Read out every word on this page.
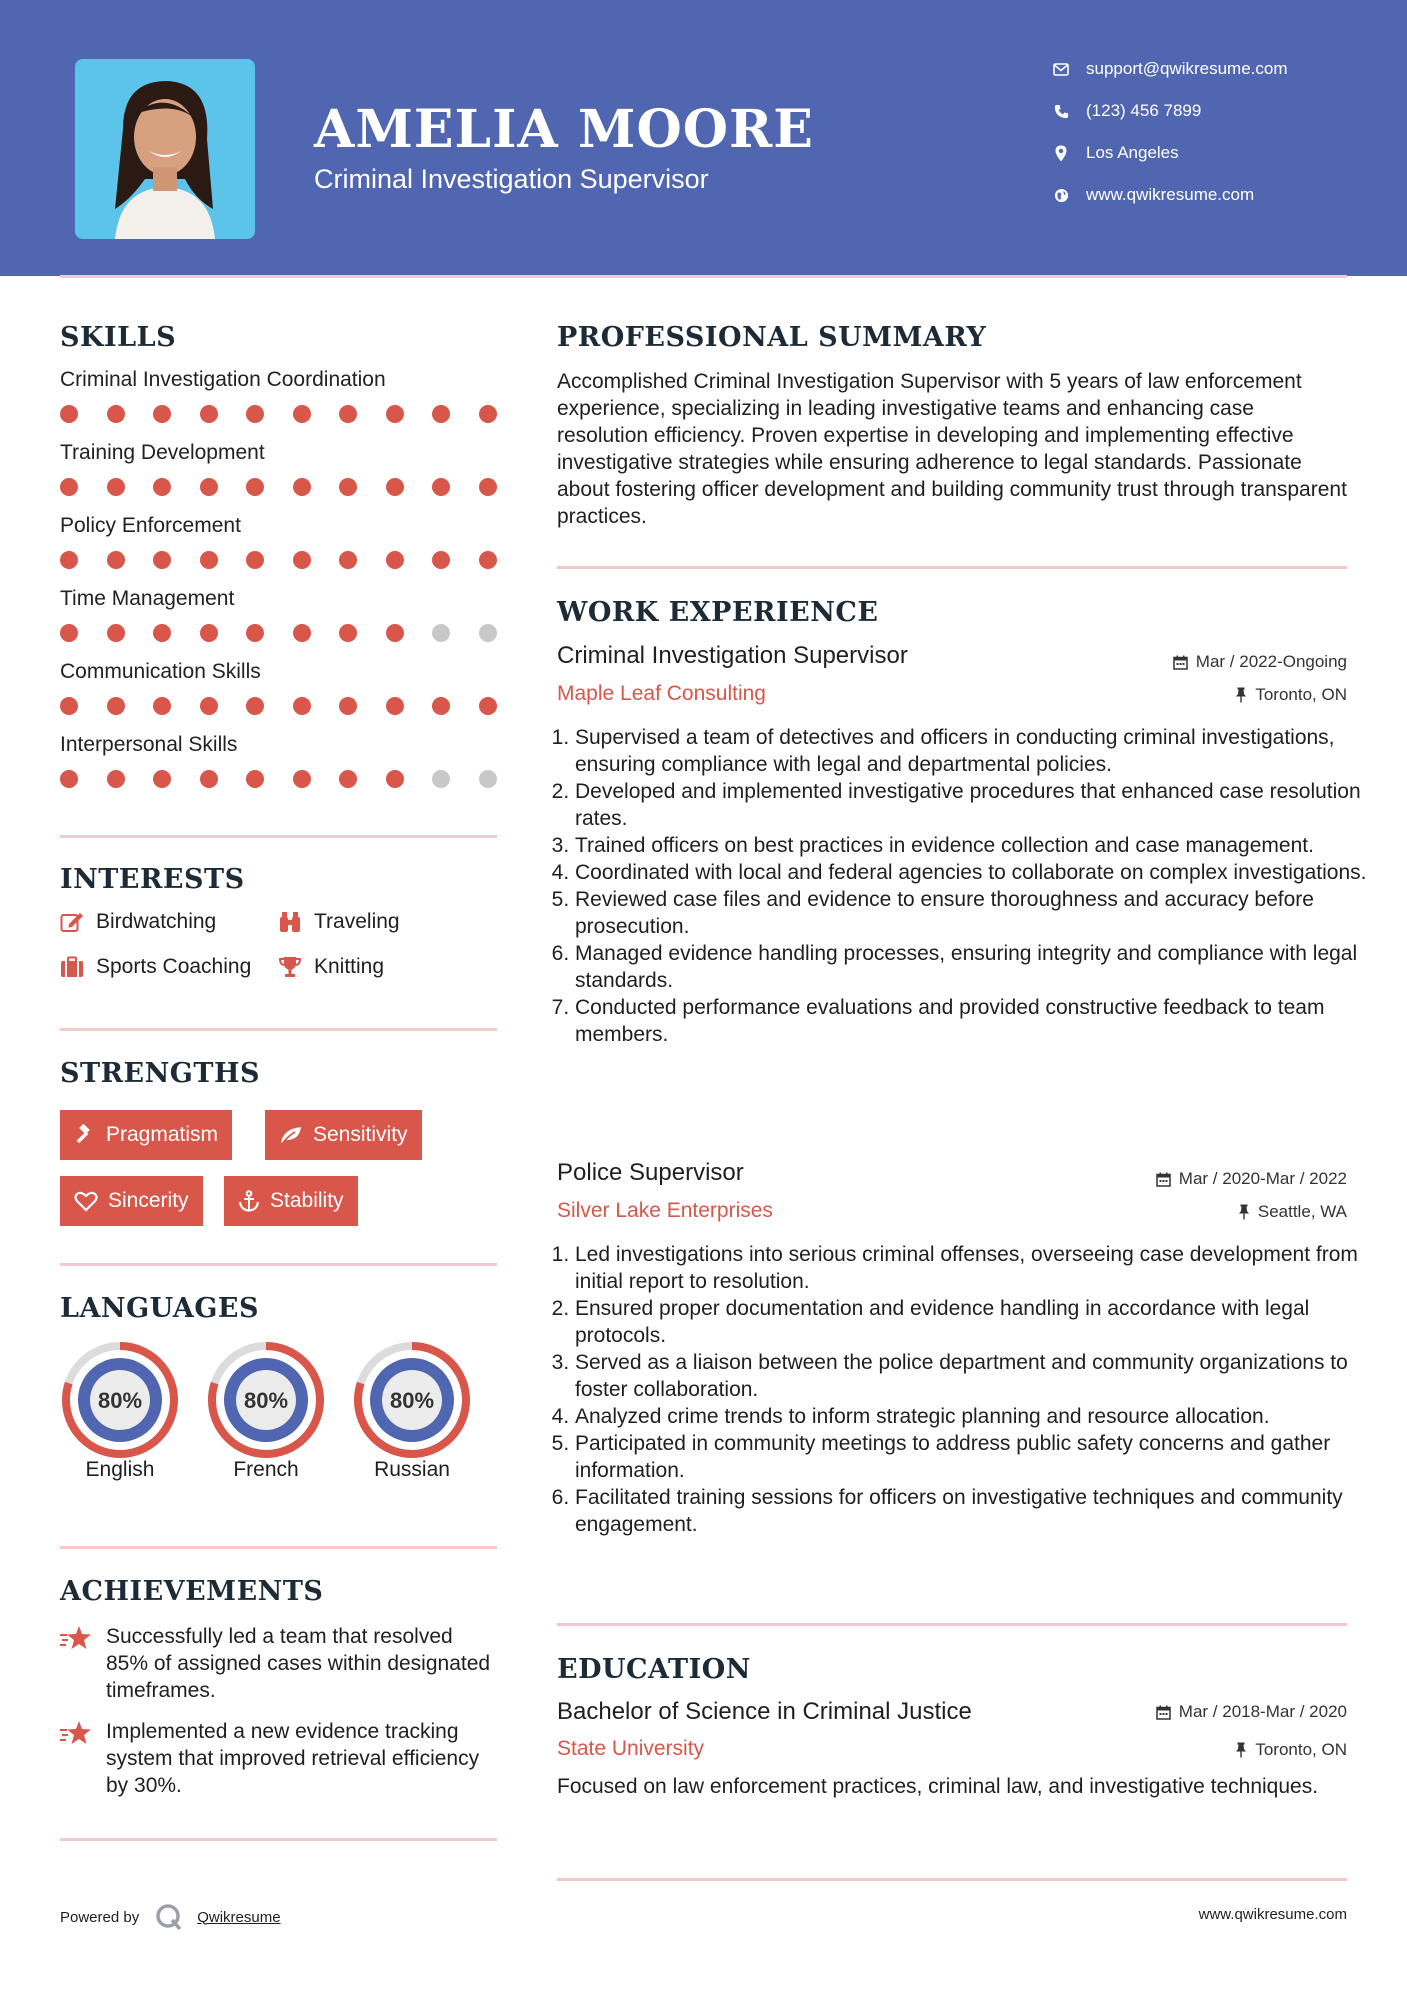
AMELIA MOORE
Criminal Investigation Supervisor
support@qwikresume.com
(123) 456 7899
Los Angeles
www.qwikresume.com
SKILLS
Criminal Investigation Coordination
Training Development
Policy Enforcement
Time Management
Communication Skills
Interpersonal Skills
INTERESTS
Birdwatching	Traveling
Sports Coaching	Knitting
STRENGTHS
Pragmatism	Sensitivity
Sincerity	Stability
LANGUAGES
80%
English
80%
French
80%
Russian
ACHIEVEMENTS

Successfully led a team that resolved 85% of assigned cases within designated timeframes.

Implemented a new evidence tracking system that improved retrieval efficiency by 30%.

PROFESSIONAL SUMMARY

Accomplished Criminal Investigation Supervisor with 5 years of law enforcement experience, specializing in leading investigative teams and enhancing case resolution efficiency. Proven expertise in developing and implementing effective investigative strategies while ensuring adherence to legal standards. Passionate about fostering officer development and building community trust through transparent practices.

WORK EXPERIENCE
Criminal Investigation Supervisor	Mar / 2022-Ongoing
Maple Leaf Consulting	Toronto, ON
1. Supervised a team of detectives and officers in conducting criminal investigations, ensuring compliance with legal and departmental policies.
2. Developed and implemented investigative procedures that enhanced case resolution rates.
3. Trained officers on best practices in evidence collection and case management.
4. Coordinated with local and federal agencies to collaborate on complex investigations.
5. Reviewed case files and evidence to ensure thoroughness and accuracy before prosecution.
6. Managed evidence handling processes, ensuring integrity and compliance with legal standards.
7. Conducted performance evaluations and provided constructive feedback to team members.
Police Supervisor	Mar / 2020-Mar / 2022
Silver Lake Enterprises	Seattle, WA
1. Led investigations into serious criminal offenses, overseeing case development from initial report to resolution.
2. Ensured proper documentation and evidence handling in accordance with legal protocols.
3. Served as a liaison between the police department and community organizations to foster collaboration.
4. Analyzed crime trends to inform strategic planning and resource allocation.
5. Participated in community meetings to address public safety concerns and gather information.
6. Facilitated training sessions for officers on investigative techniques and community engagement.
EDUCATION
Bachelor of Science in Criminal Justice	Mar / 2018-Mar / 2020
State University	Toronto, ON

Focused on law enforcement practices, criminal law, and investigative techniques.

Powered by	Qwikresume	www.qwikresume.com
